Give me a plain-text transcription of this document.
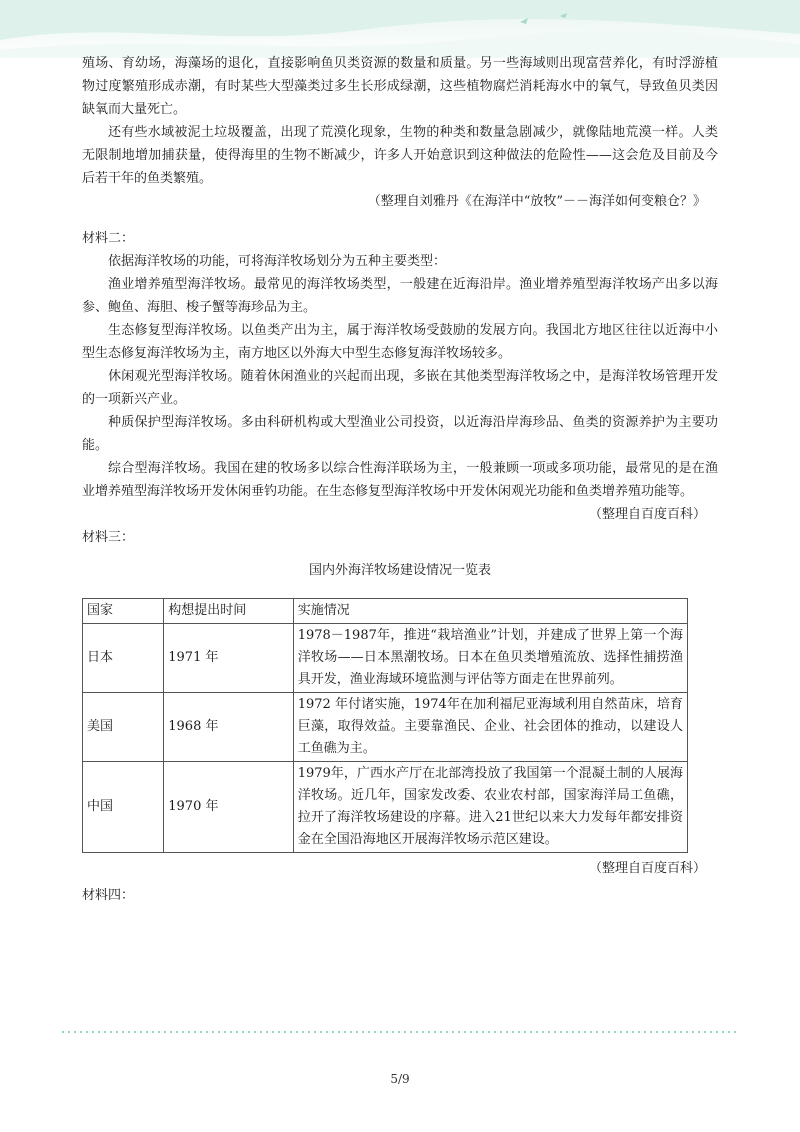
殖场、育幼场，海藻场的退化，直接影响鱼贝类资源的数量和质量。另一些海域则出现富营养化，有时浮游植物过度繁殖形成赤潮，有时某些大型藻类过多生长形成绿潮，这些植物腐烂消耗海水中的氧气，导致鱼贝类因缺氧而大量死亡。

还有些水域被泥土垃圾覆盖，出现了荒漠化现象，生物的种类和数量急剧减少，就像陆地荒漠一样。人类无限制地增加捕获量，使得海里的生物不断减少，许多人开始意识到这种做法的危险性——这会危及目前及今后若干年的鱼类繁殖。

（整理自刘雅丹《在海洋中“放牧”－－海洋如何变粮仓？》

材料二：

依据海洋牧场的功能，可将海洋牧场划分为五种主要类型：

渔业增养殖型海洋牧场。最常见的海洋牧场类型，一般建在近海沿岸。渔业增养殖型海洋牧场产出多以海参、鲍鱼、海胆、梭子蟹等海珍品为主。

生态修复型海洋牧场。以鱼类产出为主，属于海洋牧场受鼓励的发展方向。我国北方地区往往以近海中小型生态修复海洋牧场为主，南方地区以外海大中型生态修复海洋牧场较多。

休闲观光型海洋牧场。随着休闲渔业的兴起而出现，多嵌在其他类型海洋牧场之中，是海洋牧场管理开发的一项新兴产业。

种质保护型海洋牧场。多由科研机构或大型渔业公司投资，以近海沿岸海珍品、鱼类的资源养护为主要功能。

综合型海洋牧场。我国在建的牧场多以综合性海洋联场为主，一般兼顾一项或多项功能，最常见的是在渔业增养殖型海洋牧场开发休闲垂钓功能。在生态修复型海洋牧场中开发休闲观光功能和鱼类增养殖功能等。

（整理自百度百科）

材料三：

国内外海洋牧场建设情况一览表

国家	构想提出时间	实施情况
日本	1971 年	1978－1987年，推进“栽培渔业”计划，并建成了世界上第一个海洋牧场——日本黑潮牧场。日本在鱼贝类增殖流放、选择性捕捞渔具开发，渔业海域环境监测与评估等方面走在世界前列。
美国	1968 年	1972 年付诸实施，1974年在加利福尼亚海域利用自然苗床，培育巨藻，取得效益。主要靠渔民、企业、社会团体的推动，以建设人工鱼礁为主。
中国	1970 年	1979年，广西水产厅在北部湾投放了我国第一个混凝土制的人展海洋牧场。近几年，国家发改委、农业农村部，国家海洋局工鱼礁，拉开了海洋牧场建设的序幕。进入21世纪以来大力发每年都安排资金在全国沿海地区开展海洋牧场示范区建设。

（整理自百度百科）

材料四：

5/9
